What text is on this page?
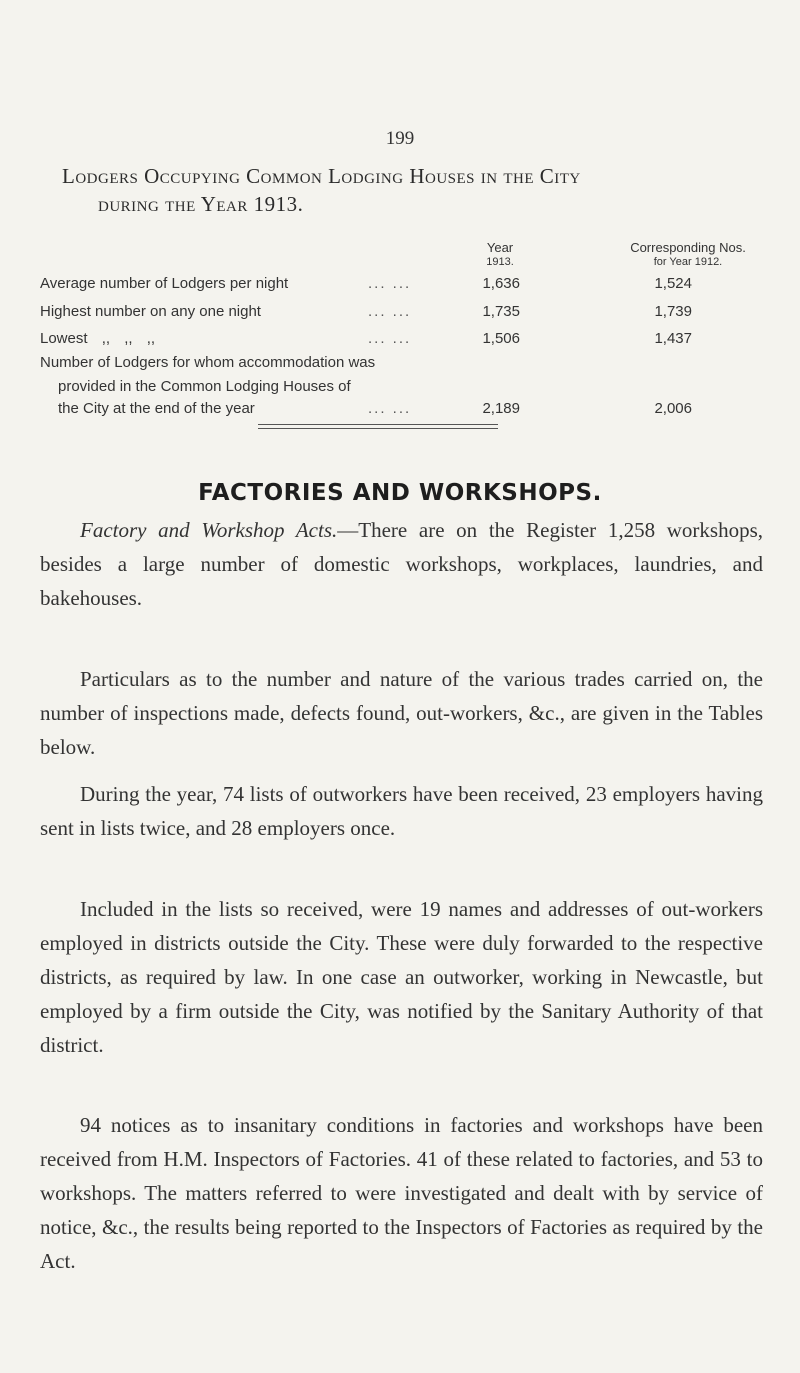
199
Lodgers Occupying Common Lodging Houses in the City
during the Year 1913.
Year
1913.
Corresponding Nos.
for Year 1912.
Average number of Lodgers per night	... ...	1,636	1,524
Highest number on any one night	... ...	1,735	1,739
Lowest ,, ,, ,,	... ...	1,506	1,437
Number of Lodgers for whom accommodation was
provided in the Common Lodging Houses of
the City at the end of the year	... ...	2,189	2,006
FACTORIES AND WORKSHOPS.
Factory and Workshop Acts.—There are on the Register 1,258 workshops, besides a large number of domestic workshops, workplaces, laundries, and bakehouses.
Particulars as to the number and nature of the various trades carried on, the number of inspections made, defects found, out-workers, &c., are given in the Tables below.
During the year, 74 lists of outworkers have been received, 23 employers having sent in lists twice, and 28 employers once.
Included in the lists so received, were 19 names and addresses of out-workers employed in districts outside the City. These were duly forwarded to the respective districts, as required by law. In one case an outworker, working in Newcastle, but employed by a firm outside the City, was notified by the Sanitary Authority of that district.
94 notices as to insanitary conditions in factories and workshops have been received from H.M. Inspectors of Factories. 41 of these related to factories, and 53 to workshops. The matters referred to were investigated and dealt with by service of notice, &c., the results being reported to the Inspectors of Factories as required by the Act.
